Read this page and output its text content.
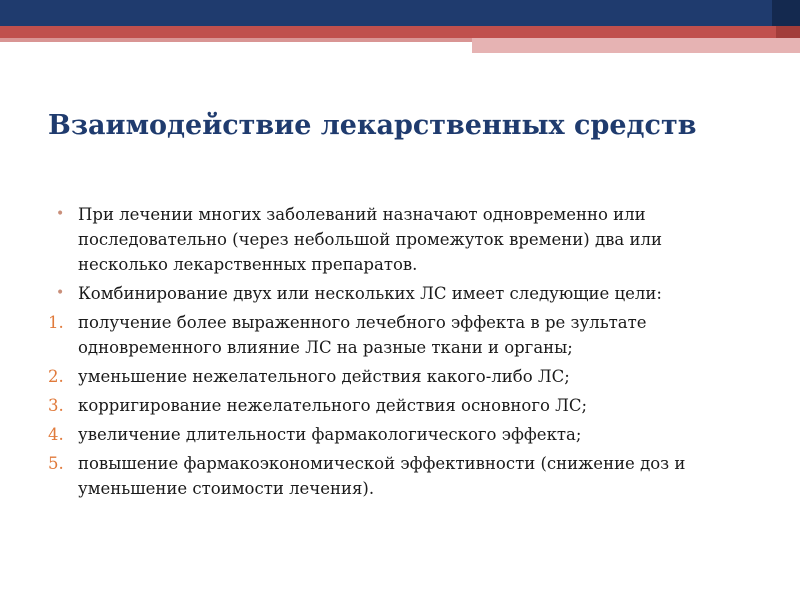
Взаимодействие лекарственных средств
• При лечении многих заболеваний назначают одновременно или последовательно (через небольшой промежуток времени) два или несколько лекарственных препаратов.
• Комбинирование двух или нескольких ЛС имеет следующие цели:
1. получение более выраженного лечебного эффекта в ре зультате одновременного влияние ЛС на разные ткани и органы;
2. уменьшение нежелательного действия какого-либо ЛС;
3. корригирование нежелательного действия основного ЛС;
4. увеличение длительности фармакологического эффекта;
5. повышение фармакоэкономической эффективности (снижение доз и уменьшение стоимости лечения).
